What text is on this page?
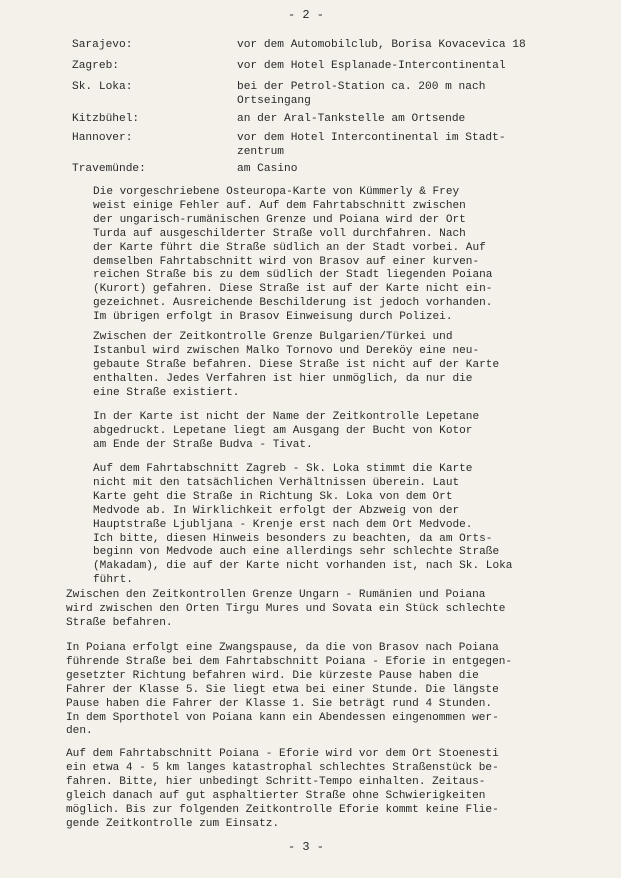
- 2 -
Sarajevo:	vor dem Automobilclub, Borisa Kovacevica 18
Zagreb:	vor dem Hotel Esplanade-Intercontinental
Sk. Loka:	bei der Petrol-Station ca. 200 m nach
Ortseingang
Kitzbühel:	an der Aral-Tankstelle am Ortsende
Hannover:	vor dem Hotel Intercontinental im Stadt-
zentrum
Travemünde:	am Casino
Die vorgeschriebene Osteuropa-Karte von Kümmerly & Frey
weist einige Fehler auf. Auf dem Fahrtabschnitt zwischen
der ungarisch-rumänischen Grenze und Poiana wird der Ort
Turda auf ausgeschilderter Straße voll durchfahren. Nach
der Karte führt die Straße südlich an der Stadt vorbei. Auf
demselben Fahrtabschnitt wird von Brasov auf einer kurven-
reichen Straße bis zu dem südlich der Stadt liegenden Poiana
(Kurort) gefahren. Diese Straße ist auf der Karte nicht ein-
gezeichnet. Ausreichende Beschilderung ist jedoch vorhanden.
Im übrigen erfolgt in Brasov Einweisung durch Polizei.
Zwischen der Zeitkontrolle Grenze Bulgarien/Türkei und
Istanbul wird zwischen Malko Tornovo und Dereköy eine neu-
gebaute Straße befahren. Diese Straße ist nicht auf der Karte
enthalten. Jedes Verfahren ist hier unmöglich, da nur die
eine Straße existiert.
In der Karte ist nicht der Name der Zeitkontrolle Lepetane
abgedruckt. Lepetane liegt am Ausgang der Bucht von Kotor
am Ende der Straße Budva - Tivat.
Auf dem Fahrtabschnitt Zagreb - Sk. Loka stimmt die Karte
nicht mit den tatsächlichen Verhältnissen überein. Laut
Karte geht die Straße in Richtung Sk. Loka von dem Ort
Medvode ab. In Wirklichkeit erfolgt der Abzweig von der
Hauptstraße Ljubljana - Krenje erst nach dem Ort Medvode.
Ich bitte, diesen Hinweis besonders zu beachten, da am Orts-
beginn von Medvode auch eine allerdings sehr schlechte Straße
(Makadam), die auf der Karte nicht vorhanden ist, nach Sk. Loka
führt.
Zwischen den Zeitkontrollen Grenze Ungarn - Rumänien und Poiana
wird zwischen den Orten Tirgu Mures und Sovata ein Stück schlechte
Straße befahren.
In Poiana erfolgt eine Zwangspause, da die von Brasov nach Poiana
führende Straße bei dem Fahrtabschnitt Poiana - Eforie in entgegen-
gesetzter Richtung befahren wird. Die kürzeste Pause haben die
Fahrer der Klasse 5. Sie liegt etwa bei einer Stunde. Die längste
Pause haben die Fahrer der Klasse 1. Sie beträgt rund 4 Stunden.
In dem Sporthotel von Poiana kann ein Abendessen eingenommen wer-
den.
Auf dem Fahrtabschnitt Poiana - Eforie wird vor dem Ort Stoenesti
ein etwa 4 - 5 km langes katastrophal schlechtes Straßenstück be-
fahren. Bitte, hier unbedingt Schritt-Tempo einhalten. Zeitaus-
gleich danach auf gut asphaltierter Straße ohne Schwierigkeiten
möglich. Bis zur folgenden Zeitkontrolle Eforie kommt keine Flie-
gende Zeitkontrolle zum Einsatz.
- 3 -
